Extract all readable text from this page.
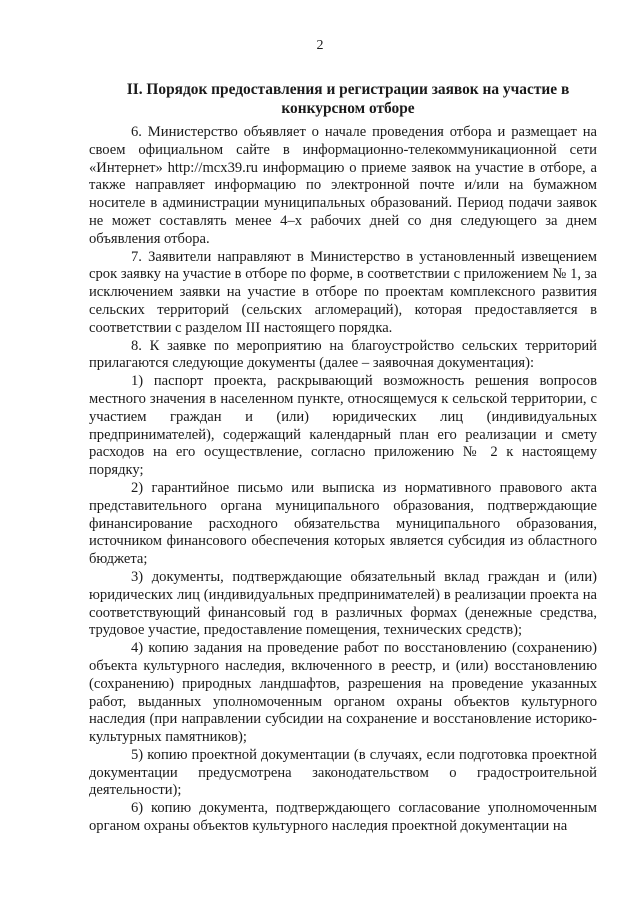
2
II. Порядок предоставления и регистрации заявок на участие в конкурсном отборе

6. Министерство объявляет о начале проведения отбора и размещает на своем официальном сайте в информационно-телекоммуникационной сети «Интернет» http://mcx39.ru информацию о приеме заявок на участие в отборе, а также направляет информацию по электронной почте и/или на бумажном носителе в администрации муниципальных образований. Период подачи заявок не может составлять менее 4–х рабочих дней со дня следующего за днем объявления отбора.

7. Заявители направляют в Министерство в установленный извещением срок заявку на участие в отборе по форме, в соответствии с приложением № 1, за исключением заявки на участие в отборе по проектам комплексного развития сельских территорий (сельских агломераций), которая предоставляется в соответствии с разделом III настоящего порядка.

8. К заявке по мероприятию на благоустройство сельских территорий прилагаются следующие документы (далее – заявочная документация):

1) паспорт проекта, раскрывающий возможность решения вопросов местного значения в населенном пункте, относящемуся к сельской территории, с участием граждан и (или) юридических лиц (индивидуальных предпринимателей), содержащий календарный план его реализации и смету расходов на его осуществление, согласно приложению № 2 к настоящему порядку;

2) гарантийное письмо или выписка из нормативного правового акта представительного органа муниципального образования, подтверждающие финансирование расходного обязательства муниципального образования, источником финансового обеспечения которых является субсидия из областного бюджета;

3) документы, подтверждающие обязательный вклад граждан и (или) юридических лиц (индивидуальных предпринимателей) в реализации проекта на соответствующий финансовый год в различных формах (денежные средства, трудовое участие, предоставление помещения, технических средств);

4) копию задания на проведение работ по восстановлению (сохранению) объекта культурного наследия, включенного в реестр, и (или) восстановлению (сохранению) природных ландшафтов, разрешения на проведение указанных работ, выданных уполномоченным органом охраны объектов культурного наследия (при направлении субсидии на сохранение и восстановление историко-культурных памятников);

5) копию проектной документации (в случаях, если подготовка проектной документации предусмотрена законодательством о градостроительной деятельности);

6) копию документа, подтверждающего согласование уполномоченным органом охраны объектов культурного наследия проектной документации на
